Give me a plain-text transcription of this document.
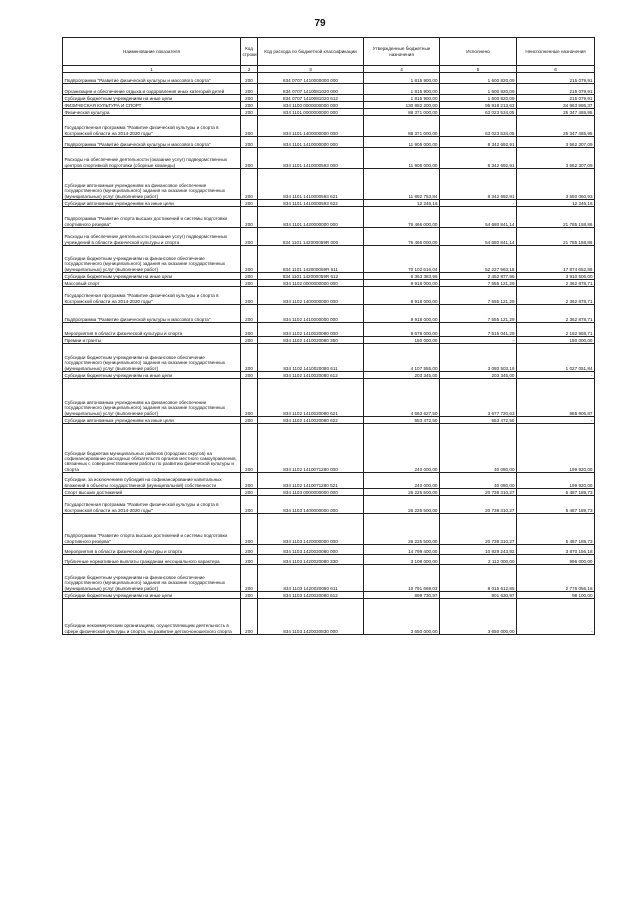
79
Наименование показателя	Код строки	Код расхода по бюджетной классификации	Утвержденные бюджетные назначения	Исполнено	Неисполненные назначения
1	2	3	4	5	6
Подпрограмма "Развитие физической культуры и массового спорта"	200	834 0707 1410000000 000	1 815 900,00	1 600 820,09	215 079,91
Организация и обеспечение отдыха и оздоровления иных категорий детей	200	834 0707 1410081020 000	1 815 900,00	1 600 820,09	215 079,91
Субсидии бюджетным учреждениям на иные цели	200	834 0707 1410081020 612	1 815 900,00	1 600 820,09	215 079,91
ФИЗИЧЕСКАЯ КУЛЬТУРА И СПОРТ	200	834 1100 0000000000 000	130 882 200,00	95 918 213,63	34 963 986,37
Физическая культура	200	834 1101 0000000000 000	88 371 000,00	63 023 534,05	25 347 465,95
Государственная программа "Развитие физической культуры и спорта в Костромской области на 2014-2020 годы"	200	834 1101 1400000000 000	88 371 000,00	63 023 534,05	25 347 465,95
Подпрограмма "Развитие физической культуры и массового спорта"	200	834 1101 1410000000 000	11 905 000,00	8 342 692,91	3 562 307,09
Расходы на обеспечение деятельности (оказание услуг) подведомственных центров спортивной подготовки (сборные команды)	200	834 1101 1410000593 000	11 905 000,00	8 342 692,91	3 562 307,09
Субсидии автономным учреждениям на финансовое обеспечение государственного (муниципального) задания на оказание государственных (муниципальных) услуг (выполнение работ)	200	834 1101 1410000593 621	11 892 753,84	8 342 692,91	3 550 060,93
Субсидии автономным учреждениям на иные цели	200	834 1101 1410000593 622	12 246,16	-	12 246,16
Подпрограмма "Развитие спорта высших достижений и системы подготовки спортивного резерва"	200	834 1101 1420000000 000	76 466 000,00	54 680 841,14	21 785 158,86
Расходы на обеспечение деятельности (оказание услуг) подведомственных учреждений в области физической культуры и спорта	200	834 1101 142000059R 000	76 466 000,00	54 680 841,14	21 785 158,86
Субсидии бюджетным учреждениям на финансовое обеспечение государственного (муниципального) задания на оказание государственных (муниципальных) услуг (выполнение работ)	200	834 1101 142000059R 611	70 102 616,04	52 227 963,18	17 874 652,86
Субсидии бюджетным учреждениям на иные цели	200	834 1101 142000059R 612	6 363 383,96	2 452 877,96	3 910 506,00
Массовый спорт	200	834 1102 0000000000 000	9 918 000,00	7 555 121,29	2 362 878,71
Государственная программа "Развитие физической культуры и спорта в Костромской области на 2014-2020 годы"	200	834 1102 1400000000 000	9 918 000,00	7 555 121,29	2 362 878,71
Подпрограмма "Развитие физической культуры и массового спорта"	200	834 1102 1410000000 000	9 918 000,00	7 555 121,29	2 362 878,71
Мероприятия в области физической культуры и спорта	200	834 1102 1410020080 000	9 678 000,00	7 515 041,29	2 162 958,71
Премии и гранты	200	834 1102 1410020080 350	150 000,00	-	150 000,00
Субсидии бюджетным учреждениям на финансовое обеспечение государственного (муниципального) задания на оказание государственных (муниципальных) услуг (выполнение работ)	200	834 1102 1410020080 611	4 107 555,00	3 080 503,16	1 027 051,84
Субсидии бюджетным учреждениям на иные цели	200	834 1102 1410020080 612	203 345,00	203 345,00	-
Субсидии автономным учреждениям на финансовое обеспечение государственного (муниципального) задания на оказание государственных (муниципальных) услуг (выполнение работ)	200	834 1102 1410020080 621	4 663 627,50	3 677 720,63	985 906,87
Субсидии автономным учреждениям на иные цели	200	834 1102 1410020080 622	553 472,50	553 472,50	-
Субсидии бюджетам муниципальных районов (городских округов) на софинансирование расходных обязательств органов местного самоуправления, связанных с совершенствованием работы по развитию физической культуры и спорта	200	834 1102 1410071280 000	240 000,00	40 080,00	199 920,00
Субсидии, за исключением субсидий на софинансирование капитальных вложений в объекты государственной (муниципальной) собственности	200	834 1102 1410071280 521	240 000,00	40 080,00	199 920,00
Спорт высших достижений	200	834 1103 0000000000 000	26 225 500,00	20 738 310,27	5 487 189,73
Государственная программа "Развитие физической культуры и спорта в Костромской области на 2014-2020 годы"	200	834 1103 1400000000 000	26 225 500,00	20 738 310,27	5 487 189,73
Подпрограмма "Развитие спорта высших достижений и системы подготовки спортивного резерва"	200	834 1103 1420000000 000	26 225 500,00	20 738 310,27	5 487 189,73
Мероприятия в области физической культуры и спорта	200	834 1103 1420020080 000	14 799 400,00	10 929 243,82	3 870 156,18
Публичные нормативные выплаты гражданам несоциального характера	200	834 1103 1420020080 330	3 108 000,00	2 112 000,00	996 000,00
Субсидии бюджетным учреждениям на финансовое обеспечение государственного (муниципального) задания на оказание государственных (муниципальных) услуг (выполнение работ)	200	834 1103 1420020080 611	10 791 669,03	8 015 612,85	2 776 056,18
Субсидии бюджетным учреждениям на иные цели	200	834 1103 1420020080 612	899 730,97	801 630,97	98 100,00
Субсидии некоммерческим организациям, осуществляющим деятельность в сфере физической культуры и спорта, на развитие детско-юношеского спорта	200	834 1103 1420020830 000	3 650 000,00	3 650 000,00	-
